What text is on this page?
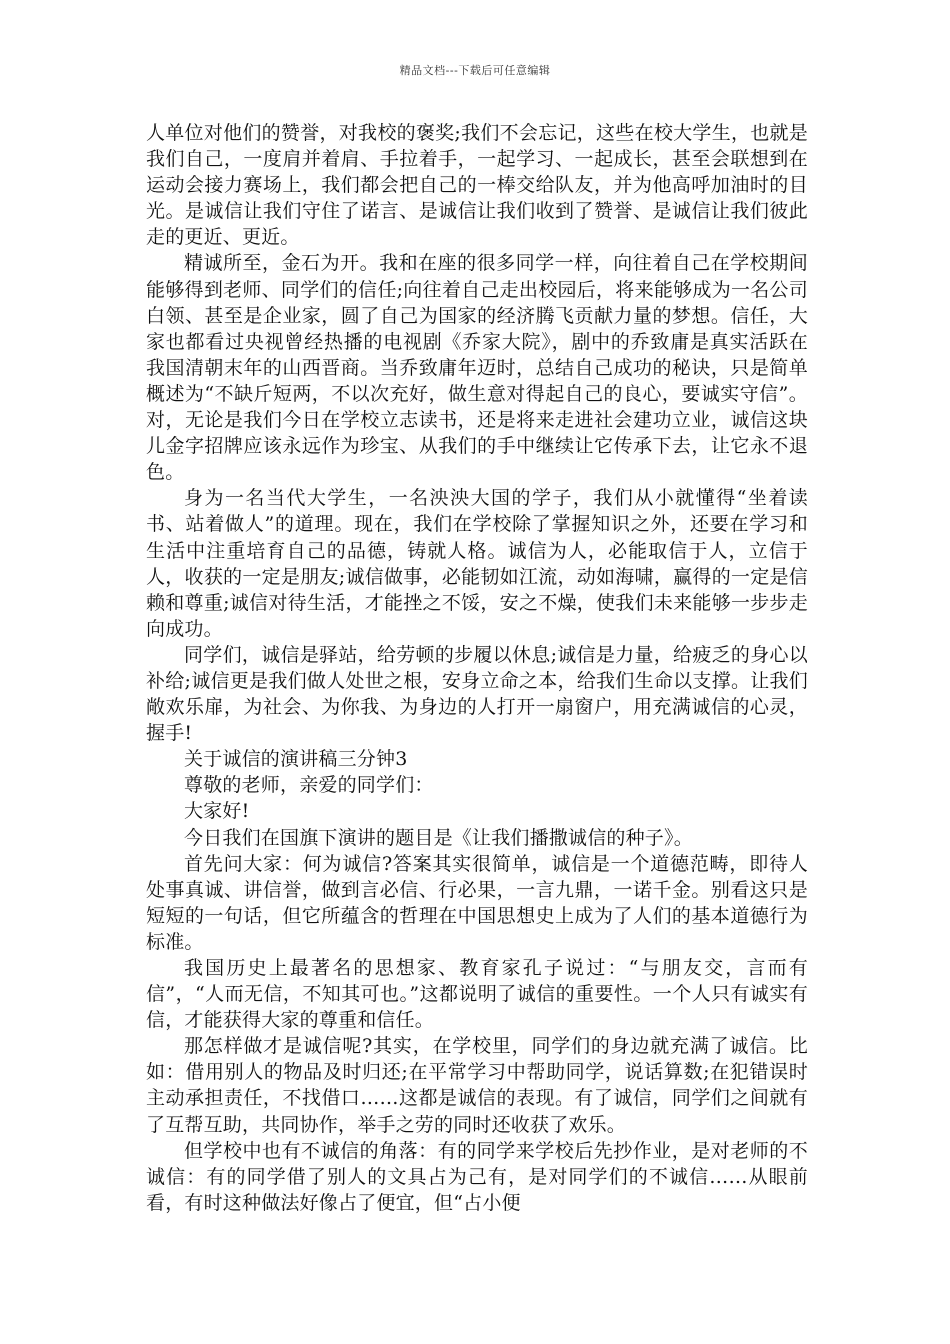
精品文档---下载后可任意编辑

人单位对他们的赞誉，对我校的褒奖;我们不会忘记，这些在校大学生，也就是我们自己，一度肩并着肩、手拉着手，一起学习、一起成长，甚至会联想到在运动会接力赛场上，我们都会把自己的一棒交给队友，并为他高呼加油时的目光。是诚信让我们守住了诺言、是诚信让我们收到了赞誉、是诚信让我们彼此走的更近、更近。

精诚所至，金石为开。我和在座的很多同学一样，向往着自己在学校期间能够得到老师、同学们的信任;向往着自己走出校园后，将来能够成为一名公司白领、甚至是企业家，圆了自己为国家的经济腾飞贡献力量的梦想。信任，大家也都看过央视曾经热播的电视剧《乔家大院》，剧中的乔致庸是真实活跃在我国清朝末年的山西晋商。当乔致庸年迈时，总结自己成功的秘诀，只是简单概述为“不缺斤短两，不以次充好，做生意对得起自己的良心，要诚实守信”。对，无论是我们今日在学校立志读书，还是将来走进社会建功立业，诚信这块儿金字招牌应该永远作为珍宝、从我们的手中继续让它传承下去，让它永不退色。

身为一名当代大学生，一名泱泱大国的学子，我们从小就懂得“坐着读书、站着做人”的道理。现在，我们在学校除了掌握知识之外，还要在学习和生活中注重培育自己的品德，铸就人格。诚信为人，必能取信于人，立信于人，收获的一定是朋友;诚信做事，必能韧如江流，动如海啸，赢得的一定是信赖和尊重;诚信对待生活，才能挫之不馁，安之不燥，使我们未来能够一步步走向成功。

同学们，诚信是驿站，给劳顿的步履以休息;诚信是力量，给疲乏的身心以补给;诚信更是我们做人处世之根，安身立命之本，给我们生命以支撑。让我们敞欢乐扉，为社会、为你我、为身边的人打开一扇窗户，用充满诚信的心灵，握手!

关于诚信的演讲稿三分钟3

尊敬的老师，亲爱的同学们：

大家好!

今日我们在国旗下演讲的题目是《让我们播撒诚信的种子》。

首先问大家：何为诚信?答案其实很简单，诚信是一个道德范畴，即待人处事真诚、讲信誉，做到言必信、行必果，一言九鼎，一诺千金。别看这只是短短的一句话，但它所蕴含的哲理在中国思想史上成为了人们的基本道德行为标准。

我国历史上最著名的思想家、教育家孔子说过：“与朋友交，言而有信”，“人而无信，不知其可也。”这都说明了诚信的重要性。一个人只有诚实有信，才能获得大家的尊重和信任。

那怎样做才是诚信呢?其实，在学校里，同学们的身边就充满了诚信。比如：借用别人的物品及时归还;在平常学习中帮助同学，说话算数;在犯错误时主动承担责任，不找借口……这都是诚信的表现。有了诚信，同学们之间就有了互帮互助，共同协作，举手之劳的同时还收获了欢乐。

但学校中也有不诚信的角落：有的同学来学校后先抄作业，是对老师的不诚信：有的同学借了别人的文具占为己有，是对同学们的不诚信……从眼前看，有时这种做法好像占了便宜，但“占小便
